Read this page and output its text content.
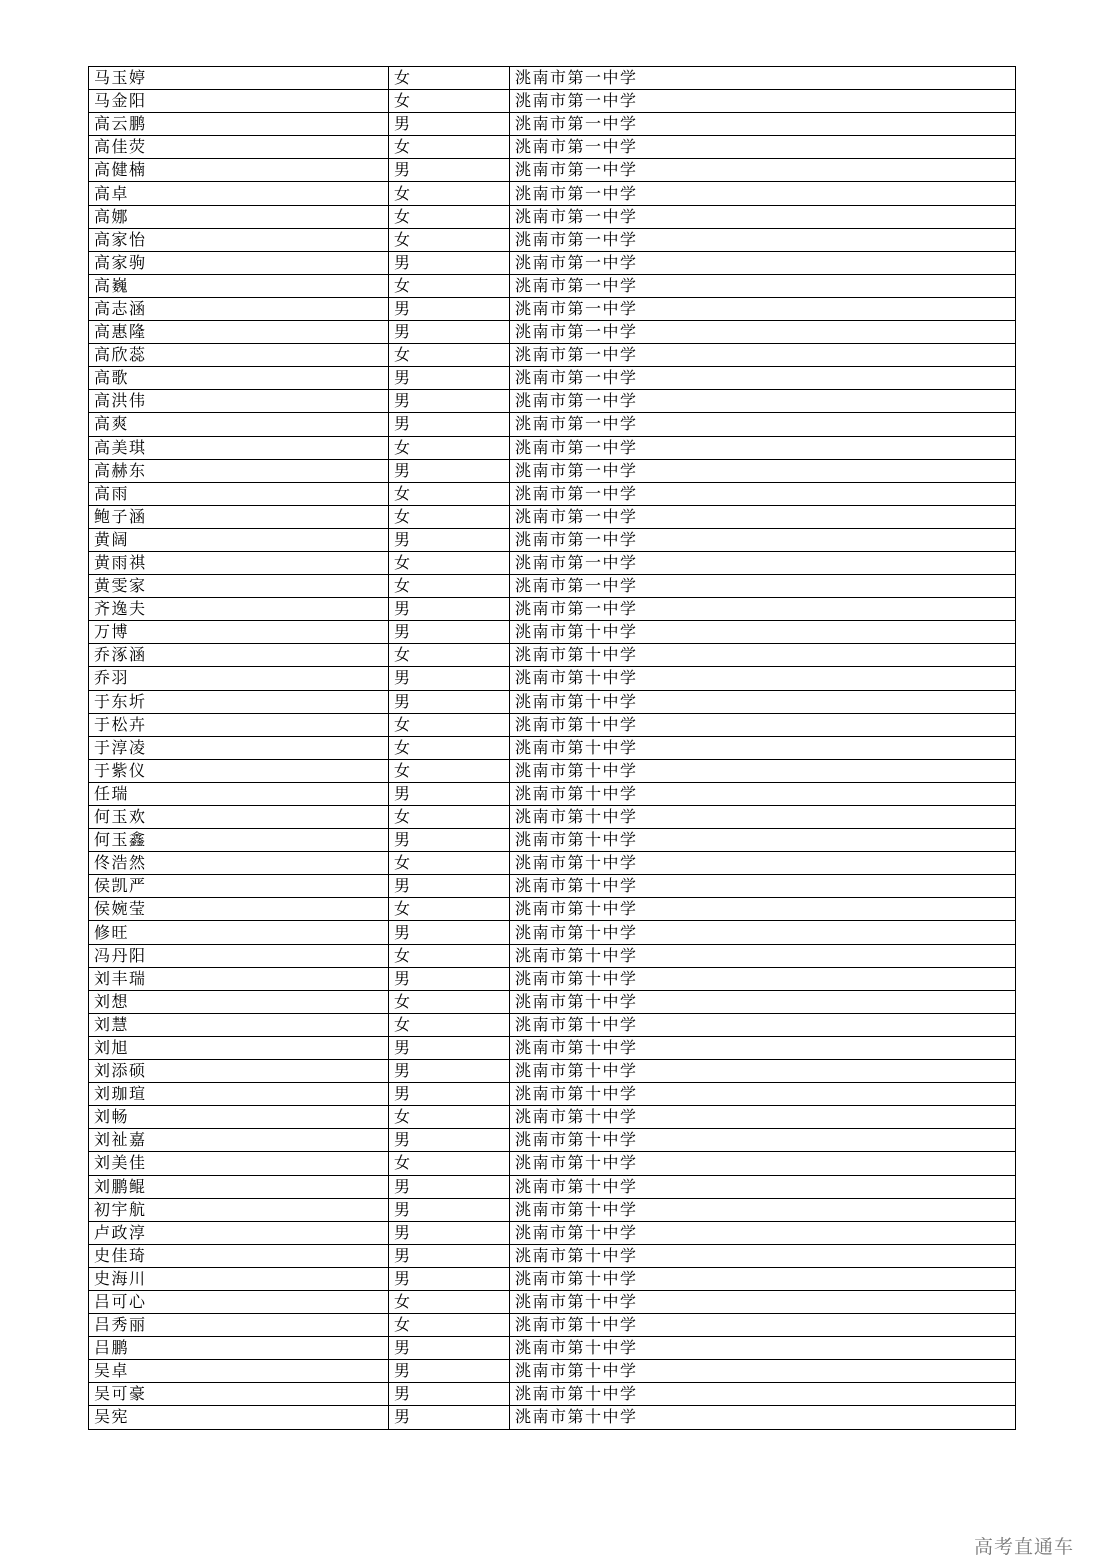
马玉婷	女	洮南市第一中学
马金阳	女	洮南市第一中学
高云鹏	男	洮南市第一中学
高佳荧	女	洮南市第一中学
高健楠	男	洮南市第一中学
高卓	女	洮南市第一中学
高娜	女	洮南市第一中学
高家怡	女	洮南市第一中学
高家驹	男	洮南市第一中学
高巍	女	洮南市第一中学
高志涵	男	洮南市第一中学
高惠隆	男	洮南市第一中学
高欣蕊	女	洮南市第一中学
高歌	男	洮南市第一中学
高洪伟	男	洮南市第一中学
高爽	男	洮南市第一中学
高美琪	女	洮南市第一中学
高赫东	男	洮南市第一中学
高雨	女	洮南市第一中学
鲍子涵	女	洮南市第一中学
黄阔	男	洮南市第一中学
黄雨祺	女	洮南市第一中学
黄雯家	女	洮南市第一中学
齐逸夫	男	洮南市第一中学
万博	男	洮南市第十中学
乔涿涵	女	洮南市第十中学
乔羽	男	洮南市第十中学
于东圻	男	洮南市第十中学
于松卉	女	洮南市第十中学
于淳凌	女	洮南市第十中学
于紫仪	女	洮南市第十中学
任瑞	男	洮南市第十中学
何玉欢	女	洮南市第十中学
何玉鑫	男	洮南市第十中学
佟浩然	女	洮南市第十中学
侯凯严	男	洮南市第十中学
侯婉莹	女	洮南市第十中学
修旺	男	洮南市第十中学
冯丹阳	女	洮南市第十中学
刘丰瑞	男	洮南市第十中学
刘想	女	洮南市第十中学
刘慧	女	洮南市第十中学
刘旭	男	洮南市第十中学
刘添硕	男	洮南市第十中学
刘珈瑄	男	洮南市第十中学
刘畅	女	洮南市第十中学
刘祉嘉	男	洮南市第十中学
刘美佳	女	洮南市第十中学
刘鹏鲲	男	洮南市第十中学
初宇航	男	洮南市第十中学
卢政淳	男	洮南市第十中学
史佳琦	男	洮南市第十中学
史海川	男	洮南市第十中学
吕可心	女	洮南市第十中学
吕秀丽	女	洮南市第十中学
吕鹏	男	洮南市第十中学
吴卓	男	洮南市第十中学
吴可豪	男	洮南市第十中学
吴宪	男	洮南市第十中学
高考直通车
